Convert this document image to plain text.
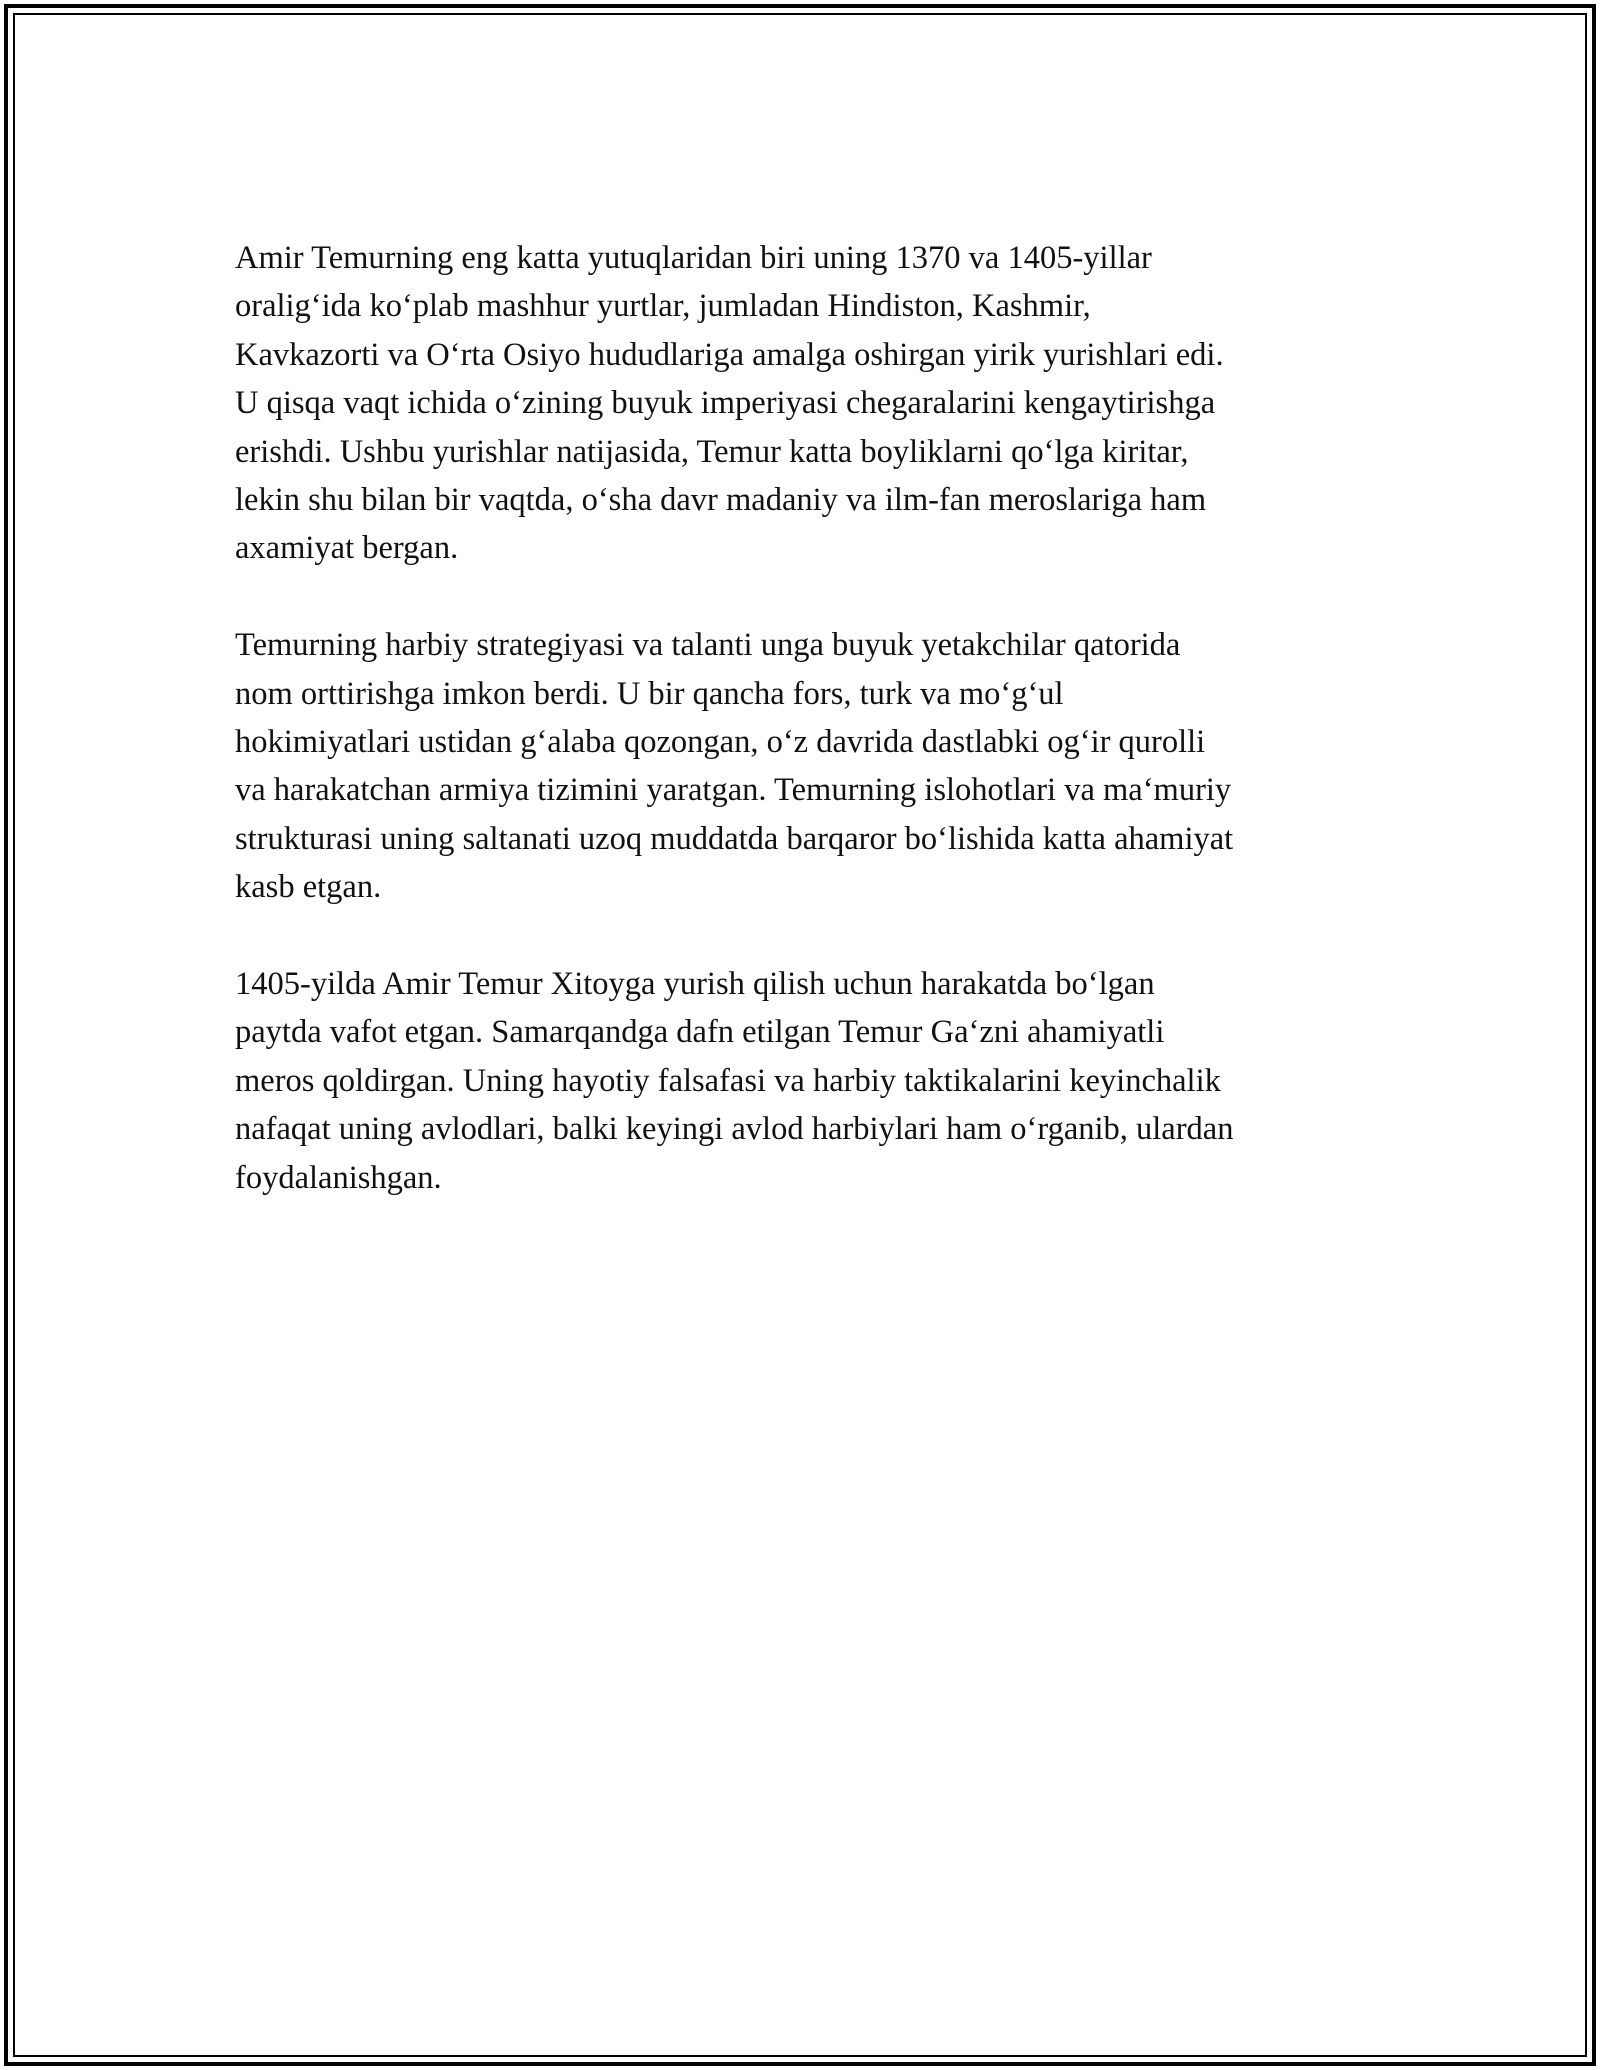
Amir Temurning eng katta yutuqlaridan biri uning 1370 va 1405-yillar
oralig‘ida ko‘plab mashhur yurtlar, jumladan Hindiston, Kashmir,
Kavkazorti va O‘rta Osiyo hududlariga amalga oshirgan yirik yurishlari edi.
U qisqa vaqt ichida o‘zining buyuk imperiyasi chegaralarini kengaytirishga
erishdi. Ushbu yurishlar natijasida, Temur katta boyliklarni qo‘lga kiritar,
lekin shu bilan bir vaqtda, o‘sha davr madaniy va ilm-fan meroslariga ham
axamiyat bergan.

Temurning harbiy strategiyasi va talanti unga buyuk yetakchilar qatorida
nom orttirishga imkon berdi. U bir qancha fors, turk va mo‘g‘ul
hokimiyatlari ustidan g‘alaba qozongan, o‘z davrida dastlabki og‘ir qurolli
va harakatchan armiya tizimini yaratgan. Temurning islohotlari va ma‘muriy
strukturasi uning saltanati uzoq muddatda barqaror bo‘lishida katta ahamiyat
kasb etgan.

1405-yilda Amir Temur Xitoyga yurish qilish uchun harakatda bo‘lgan
paytda vafot etgan. Samarqandga dafn etilgan Temur Ga‘zni ahamiyatli
meros qoldirgan. Uning hayotiy falsafasi va harbiy taktikalarini keyinchalik
nafaqat uning avlodlari, balki keyingi avlod harbiylari ham o‘rganib, ulardan
foydalanishgan.
